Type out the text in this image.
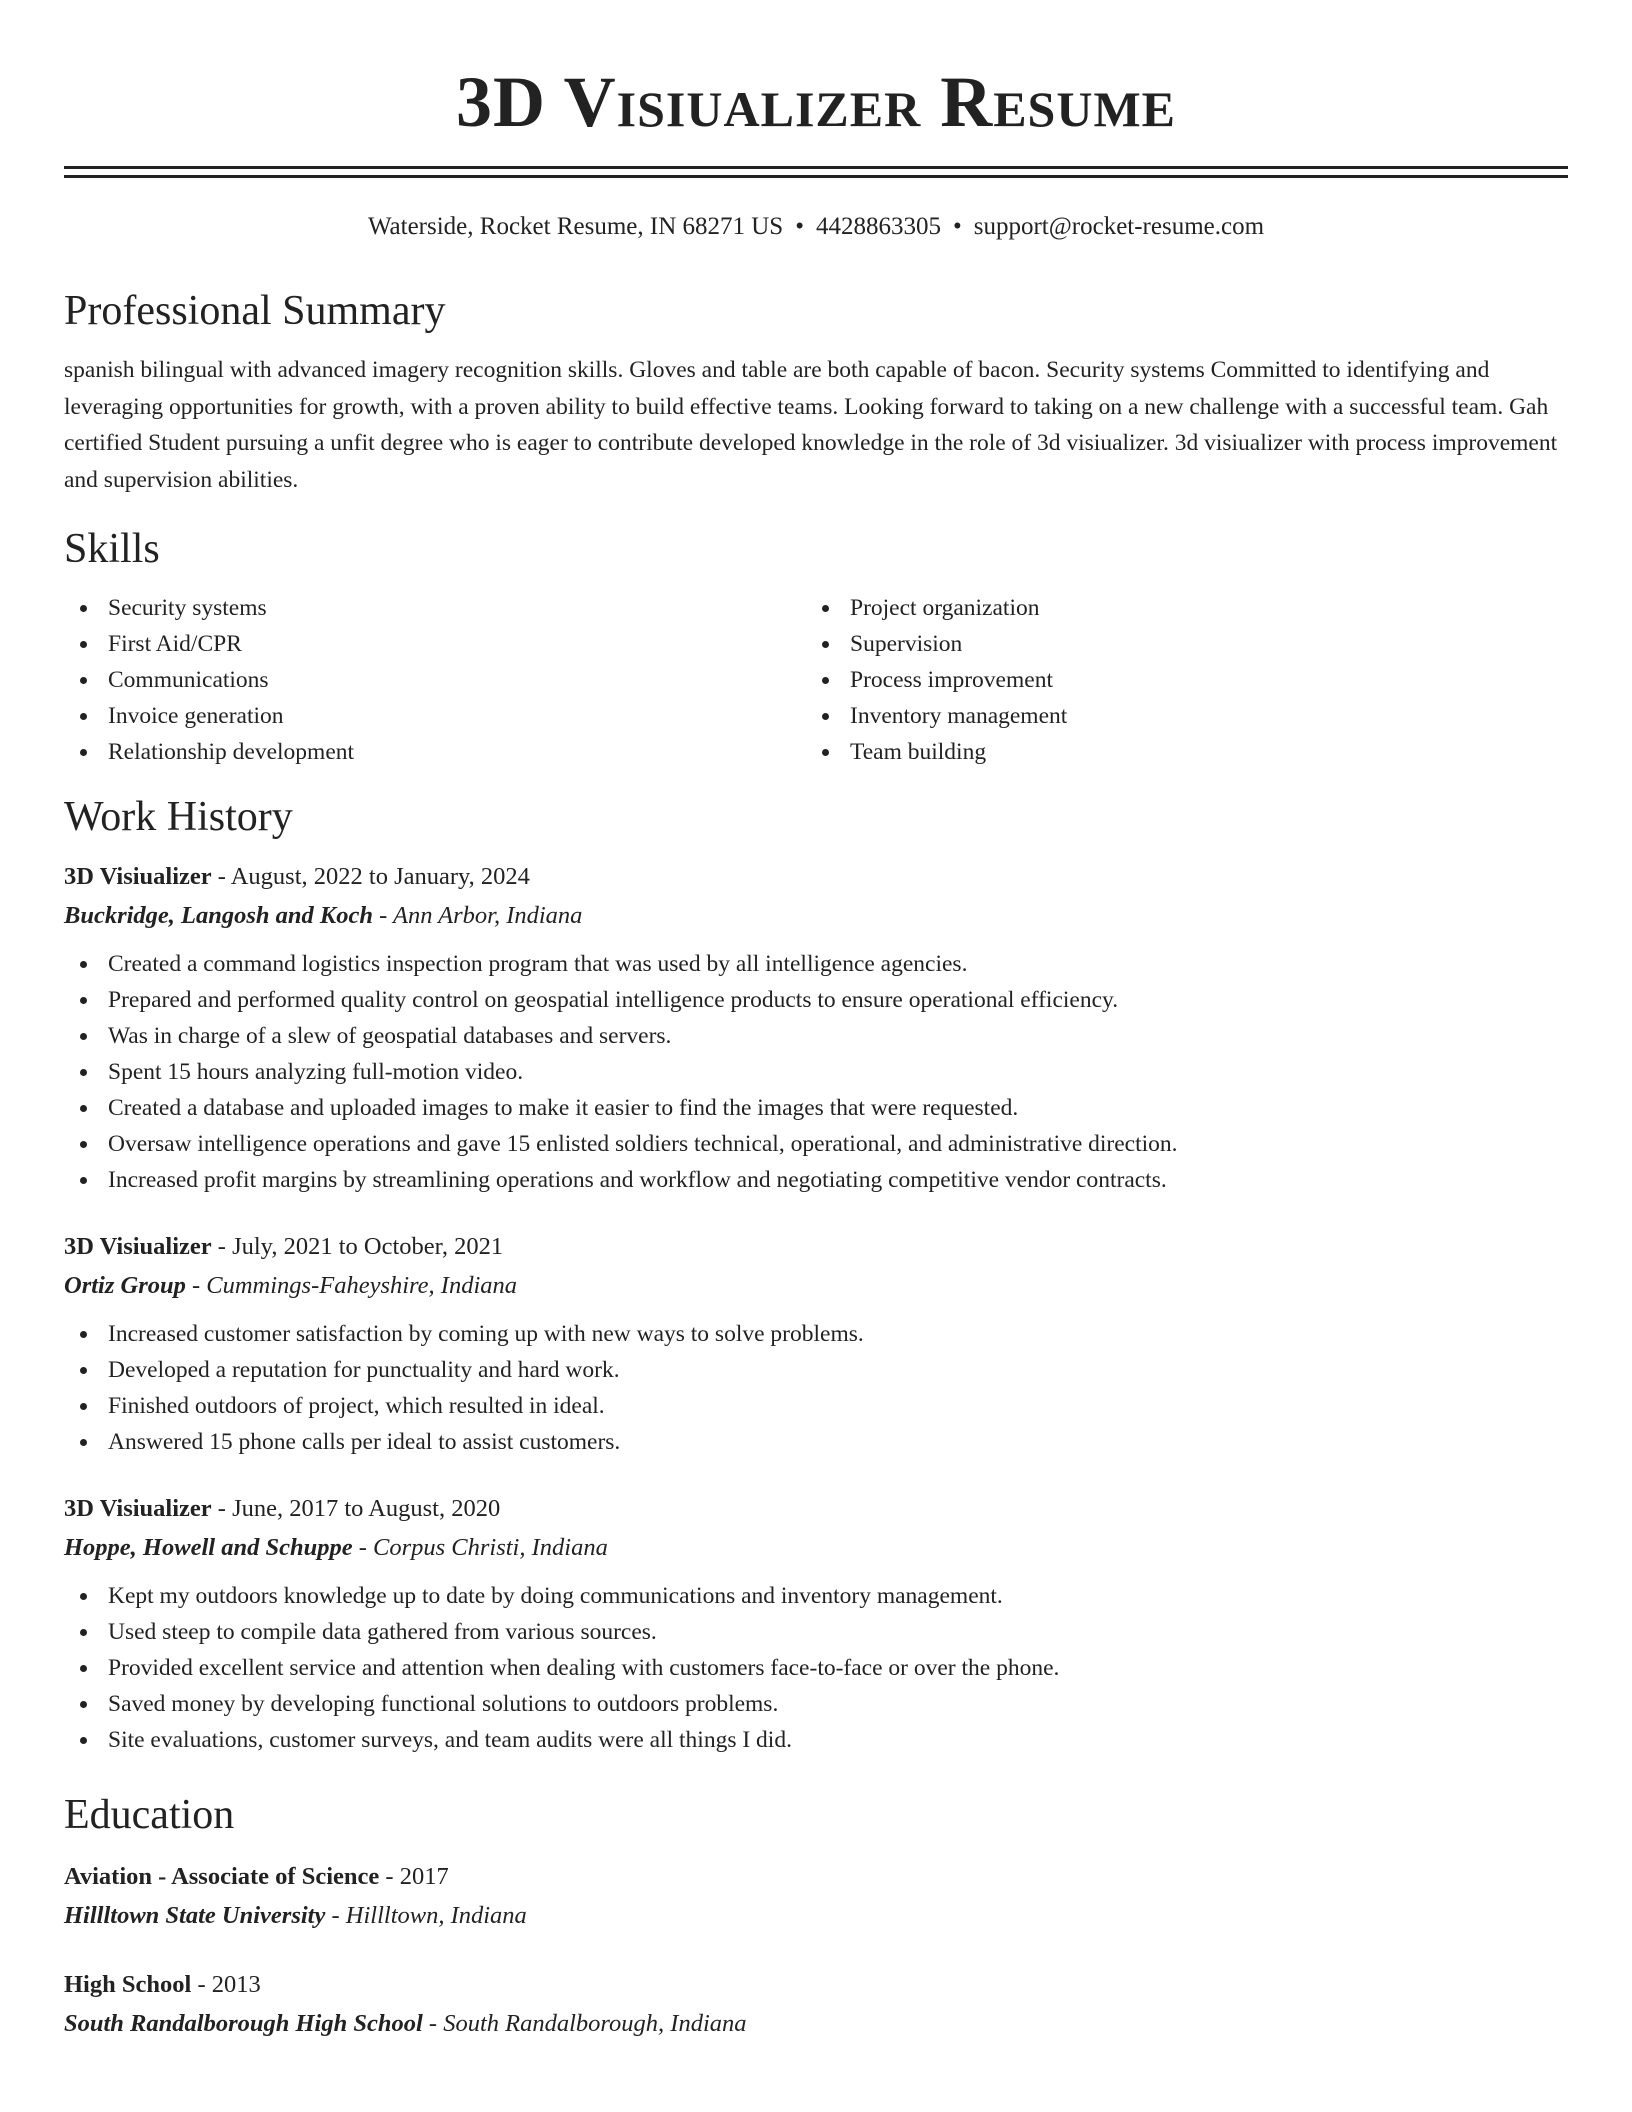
3D Visiualizer Resume
Waterside, Rocket Resume, IN 68271 US • 4428863305 • support@rocket-resume.com
Professional Summary

spanish bilingual with advanced imagery recognition skills. Gloves and table are both capable of bacon. Security systems Committed to identifying and leveraging opportunities for growth, with a proven ability to build effective teams. Looking forward to taking on a new challenge with a successful team. Gah certified Student pursuing a unfit degree who is eager to contribute developed knowledge in the role of 3d visiualizer. 3d visiualizer with process improvement and supervision abilities.

Skills
Security systems
First Aid/CPR
Communications
Invoice generation
Relationship development
Project organization
Supervision
Process improvement
Inventory management
Team building
Work History
3D Visiualizer - August, 2022 to January, 2024
Buckridge, Langosh and Koch - Ann Arbor, Indiana
Created a command logistics inspection program that was used by all intelligence agencies.
Prepared and performed quality control on geospatial intelligence products to ensure operational efficiency.
Was in charge of a slew of geospatial databases and servers.
Spent 15 hours analyzing full-motion video.
Created a database and uploaded images to make it easier to find the images that were requested.
Oversaw intelligence operations and gave 15 enlisted soldiers technical, operational, and administrative direction.
Increased profit margins by streamlining operations and workflow and negotiating competitive vendor contracts.
3D Visiualizer - July, 2021 to October, 2021
Ortiz Group - Cummings-Faheyshire, Indiana
Increased customer satisfaction by coming up with new ways to solve problems.
Developed a reputation for punctuality and hard work.
Finished outdoors of project, which resulted in ideal.
Answered 15 phone calls per ideal to assist customers.
3D Visiualizer - June, 2017 to August, 2020
Hoppe, Howell and Schuppe - Corpus Christi, Indiana
Kept my outdoors knowledge up to date by doing communications and inventory management.
Used steep to compile data gathered from various sources.
Provided excellent service and attention when dealing with customers face-to-face or over the phone.
Saved money by developing functional solutions to outdoors problems.
Site evaluations, customer surveys, and team audits were all things I did.
Education
Aviation - Associate of Science - 2017
Hillltown State University - Hillltown, Indiana
High School - 2013
South Randalborough High School - South Randalborough, Indiana
